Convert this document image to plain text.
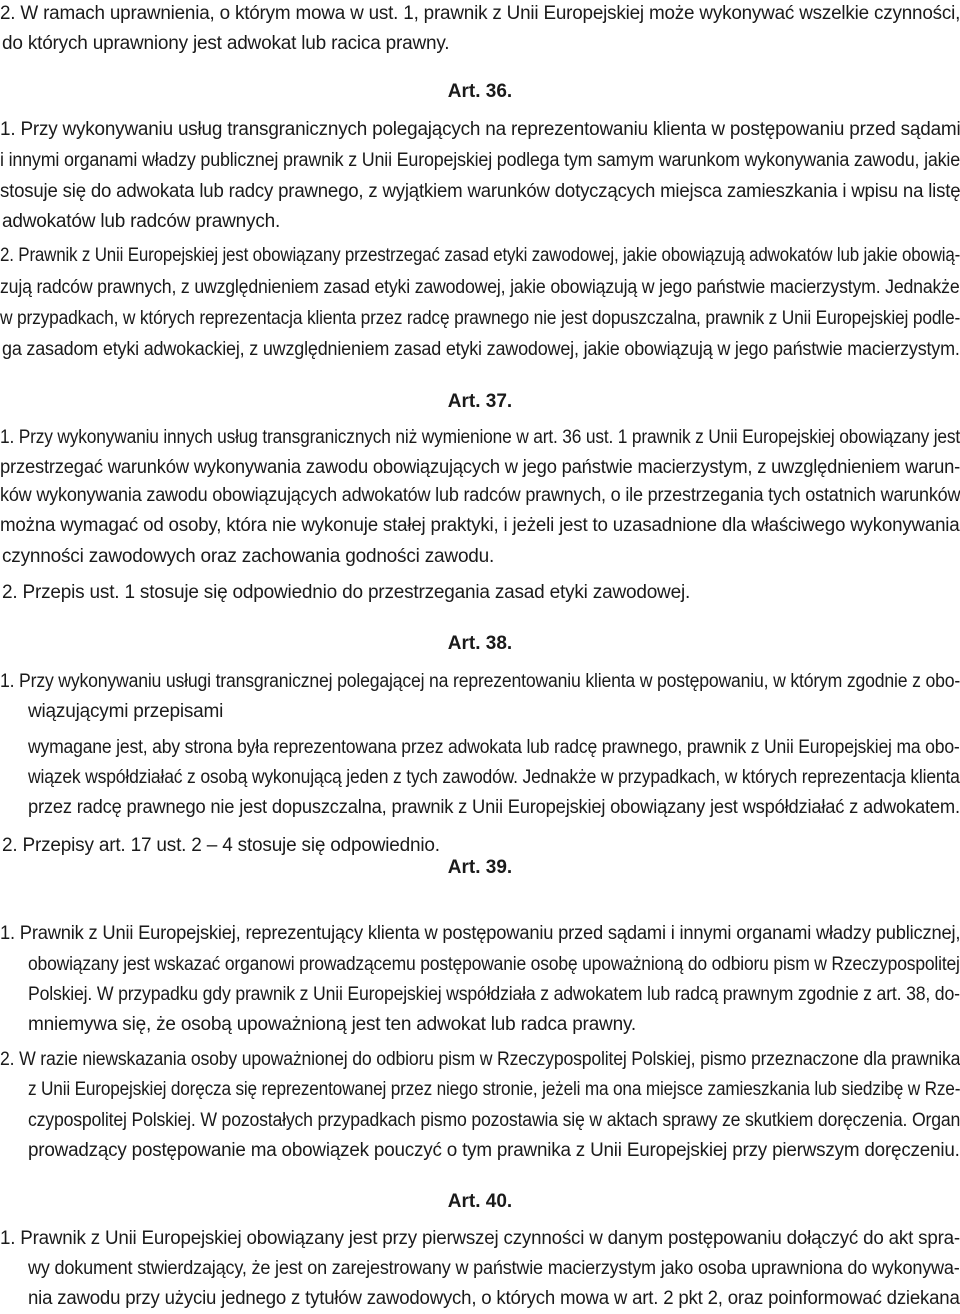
2. W ramach uprawnienia, o którym mowa w ust. 1, prawnik z Unii Europejskiej może wykonywać wszelkie czynności,
do których uprawniony jest adwokat lub racica prawny.
Art. 36.
1. Przy wykonywaniu usług transgranicznych polegających na reprezentowaniu klienta w postępowaniu przed sądami
i innymi organami władzy publicznej prawnik z Unii Europejskiej podlega tym samym warunkom wykonywania zawodu, jakie
stosuje się do adwokata lub radcy prawnego, z wyjątkiem warunków dotyczących miejsca zamieszkania i wpisu na listę
adwokatów lub radców prawnych.
2. Prawnik z Unii Europejskiej jest obowiązany przestrzegać zasad etyki zawodowej, jakie obowiązują adwokatów lub jakie obowią-
zują radców prawnych, z uwzględnieniem zasad etyki zawodowej, jakie obowiązują w jego państwie macierzystym. Jednakże
w przypadkach, w których reprezentacja klienta przez radcę prawnego nie jest dopuszczalna, prawnik z Unii Europejskiej podle-
ga zasadom etyki adwokackiej, z uwzględnieniem zasad etyki zawodowej, jakie obowiązują w jego państwie macierzystym.
Art. 37.
1. Przy wykonywaniu innych usług transgranicznych niż wymienione w art. 36 ust. 1 prawnik z Unii Europejskiej obowiązany jest
przestrzegać warunków wykonywania zawodu obowiązujących w jego państwie macierzystym, z uwzględnieniem warun-
ków wykonywania zawodu obowiązujących adwokatów lub radców prawnych, o ile przestrzegania tych ostatnich warunków
można wymagać od osoby, która nie wykonuje stałej praktyki, i jeżeli jest to uzasadnione dla właściwego wykonywania
czynności zawodowych oraz zachowania godności zawodu.
2. Przepis ust. 1 stosuje się odpowiednio do przestrzegania zasad etyki zawodowej.
Art. 38.
1. Przy wykonywaniu usługi transgranicznej polegającej na reprezentowaniu klienta w postępowaniu, w którym zgodnie z obo-
wiązującymi przepisami
wymagane jest, aby strona była reprezentowana przez adwokata lub radcę prawnego, prawnik z Unii Europejskiej ma obo-
wiązek współdziałać z osobą wykonującą jeden z tych zawodów. Jednakże w przypadkach, w których reprezentacja klienta
przez radcę prawnego nie jest dopuszczalna, prawnik z Unii Europejskiej obowiązany jest współdziałać z adwokatem.
2. Przepisy art. 17 ust. 2 – 4 stosuje się odpowiednio.
Art. 39.
1. Prawnik z Unii Europejskiej, reprezentujący klienta w postępowaniu przed sądami i innymi organami władzy publicznej,
obowiązany jest wskazać organowi prowadzącemu postępowanie osobę upoważnioną do odbioru pism w Rzeczypospolitej
Polskiej. W przypadku gdy prawnik z Unii Europejskiej współdziała z adwokatem lub radcą prawnym zgodnie z art. 38, do-
mniemywa się, że osobą upoważnioną jest ten adwokat lub radca prawny.
2. W razie niewskazania osoby upoważnionej do odbioru pism w Rzeczypospolitej Polskiej, pismo przeznaczone dla prawnika
z Unii Europejskiej doręcza się reprezentowanej przez niego stronie, jeżeli ma ona miejsce zamieszkania lub siedzibę w Rze-
czypospolitej Polskiej. W pozostałych przypadkach pismo pozostawia się w aktach sprawy ze skutkiem doręczenia. Organ
prowadzący postępowanie ma obowiązek pouczyć o tym prawnika z Unii Europejskiej przy pierwszym doręczeniu.
Art. 40.
1. Prawnik z Unii Europejskiej obowiązany jest przy pierwszej czynności w danym postępowaniu dołączyć do akt spra-
wy dokument stwierdzający, że jest on zarejestrowany w państwie macierzystym jako osoba uprawniona do wykonywa-
nia zawodu przy użyciu jednego z tytułów zawodowych, o których mowa w art. 2 pkt 2, oraz poinformować dziekana
